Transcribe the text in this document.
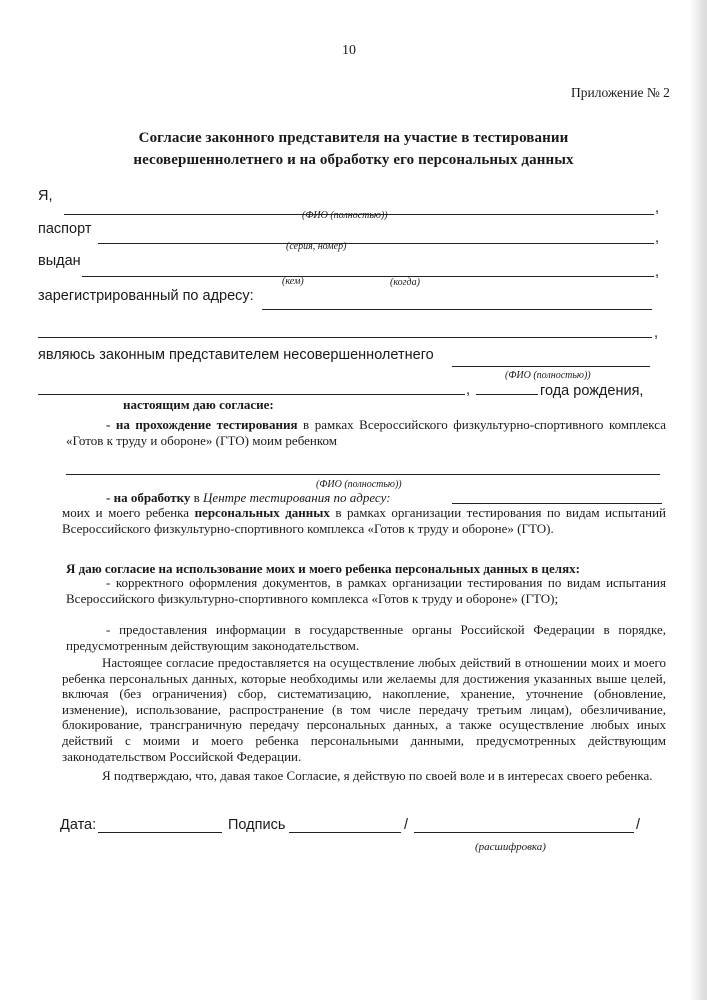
10
Приложение № 2
Согласие законного представителя на участие в тестировании
несовершеннолетнего и на обработку его персональных данных
Я,
,
(ФИО (полностью))
паспорт
,
(серия, номер)
выдан
,
(кем)	(когда)
зарегистрированный по адресу:
,
являюсь законным представителем несовершеннолетнего
(ФИО (полностью))
,	года рождения,
настоящим даю согласие:
- на прохождение тестирования в рамках Всероссийского физкультурно-спортивного комплекса «Готов к труду и обороне» (ГТО) моим ребенком
(ФИО (полностью))
- на обработку в Центре тестирования по адресу:
моих и моего ребенка персональных данных в рамках организации тестирования по видам испытаний Всероссийского физкультурно-спортивного комплекса «Готов к труду и обороне» (ГТО).
Я даю согласие на использование моих и моего ребенка персональных данных в целях:
- корректного оформления документов, в рамках организации тестирования по видам испытания Всероссийского физкультурно-спортивного комплекса «Готов к труду и обороне» (ГТО);
- предоставления информации в государственные органы Российской Федерации в порядке, предусмотренным действующим законодательством.
Настоящее согласие предоставляется на осуществление любых действий в отношении моих и моего ребенка персональных данных, которые необходимы или желаемы для достижения указанных выше целей, включая (без ограничения) сбор, систематизацию, накопление, хранение, уточнение (обновление, изменение), использование, распространение (в том числе передачу третьим лицам), обезличивание, блокирование, трансграничную передачу персональных данных, а также осуществление любых иных действий с моими и моего ребенка персональными данными, предусмотренных действующим законодательством Российской Федерации.
Я подтверждаю, что, давая такое Согласие, я действую по своей воле и в интересах своего ребенка.
Дата:	Подпись	/	/
(расшифровка)
